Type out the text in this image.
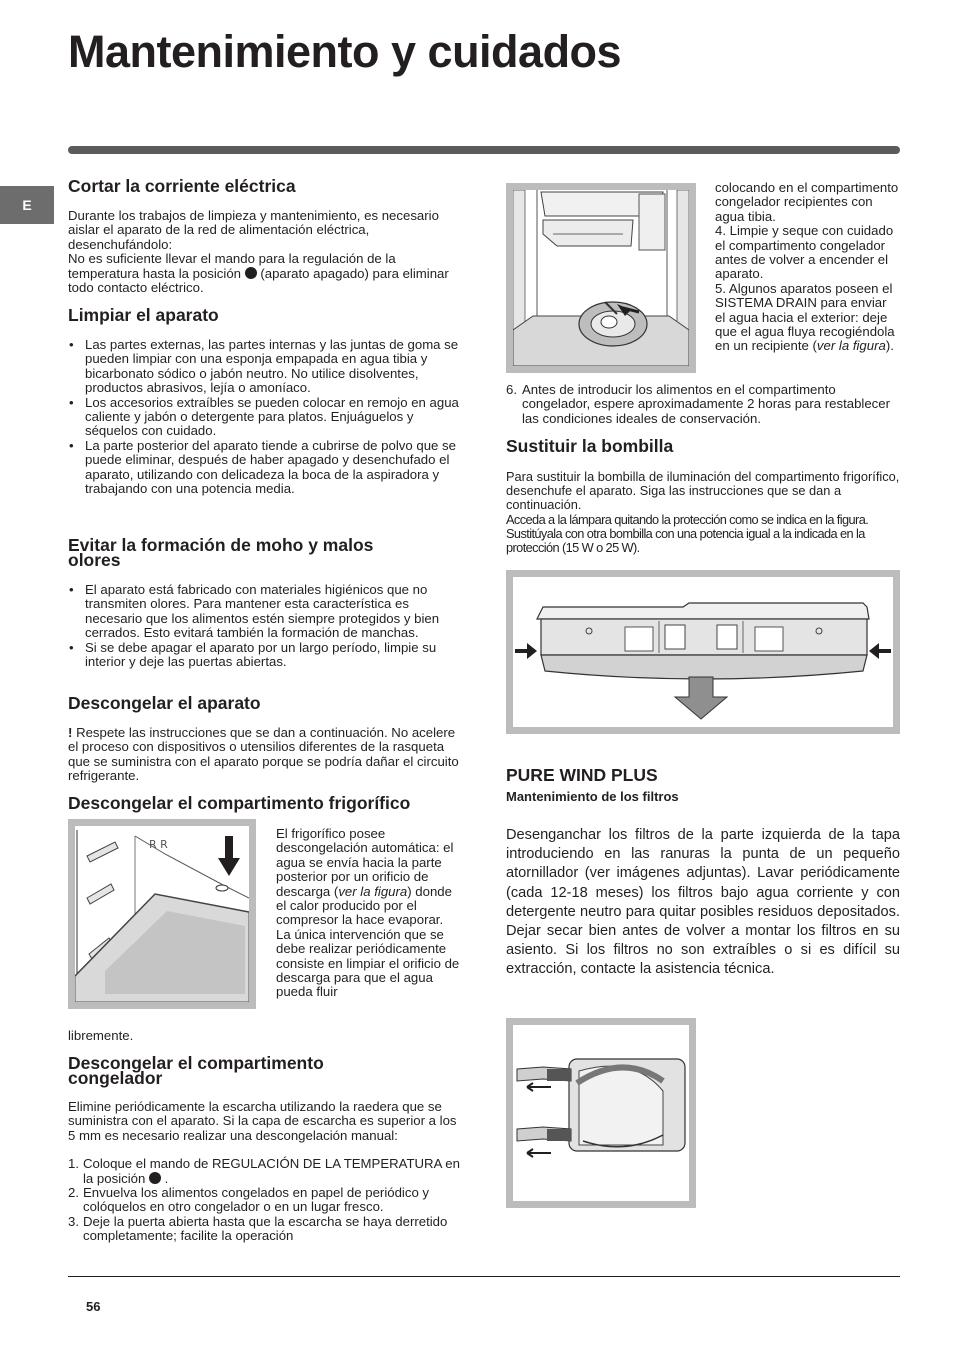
Mantenimiento y cuidados
E
Cortar la corriente eléctrica
Durante los trabajos de limpieza y mantenimiento, es necesario aislar el aparato de la red de alimentación eléctrica, desenchufándolo:
No es suficiente llevar el mando para la regulación de la temperatura hasta la posición (aparato apagado) para eliminar todo contacto eléctrico.
Limpiar el aparato
• Las partes externas, las partes internas y las juntas de goma se pueden limpiar con una esponja empapada en agua tibia y bicarbonato sódico o jabón neutro. No utilice disolventes, productos abrasivos, lejía o amoníaco.
• Los accesorios extraíbles se pueden colocar en remojo en agua caliente y jabón o detergente para platos. Enjuáguelos y séquelos con cuidado.
• La parte posterior del aparato tiende a cubrirse de polvo que se puede eliminar, después de haber apagado y desenchufado el aparato, utilizando con delicadeza la boca de la aspiradora y trabajando con una potencia media.
Evitar la formación de moho y malos olores
• El aparato está fabricado con materiales higiénicos que no transmiten olores. Para mantener esta característica es necesario que los alimentos estén siempre protegidos y bien cerrados. Esto evitará también la formación de manchas.
• Si se debe apagar el aparato por un largo período, limpie su interior y deje las puertas abiertas.
Descongelar el aparato
! Respete las instrucciones que se dan a continuación. No acelere el proceso con dispositivos o utensilios diferentes de la rasqueta que se suministra con el aparato porque se podría dañar el circuito refrigerante.
Descongelar el compartimento frigorífico
R R
El frigorífico posee descongelación automática: el agua se envía hacia la parte posterior por un orificio de descarga (ver la figura) donde el calor producido por el compresor la hace evaporar. La única intervención que se debe realizar periódicamente consiste en limpiar el orificio de descarga para que el agua pueda fluir
libremente.
Descongelar el compartimento congelador
Elimine periódicamente la escarcha utilizando la raedera que se suministra con el aparato. Si la capa de escarcha es superior a los 5 mm es necesario realizar una descongelación manual:
1. Coloque el mando de REGULACIÓN DE LA TEMPERATURA en la posición .
2. Envuelva los alimentos congelados en papel de periódico y colóquelos en otro congelador o en un lugar fresco.
3. Deje la puerta abierta hasta que la escarcha se haya derretido completamente; facilite la operación
colocando en el compartimento congelador recipientes con agua tibia.
4. Limpie y seque con cuidado el compartimento congelador antes de volver a encender el aparato.
5. Algunos aparatos poseen el SISTEMA DRAIN para enviar el agua hacia el exterior: deje que el agua fluya recogiéndola en un recipiente (ver la figura).
6. Antes de introducir los alimentos en el compartimento congelador, espere aproximadamente 2 horas para restablecer las condiciones ideales de conservación.
Sustituir la bombilla
Para sustituir la bombilla de iluminación del compartimento frigorífico, desenchufe el aparato. Siga las instrucciones que se dan a continuación.
Acceda a la lámpara quitando la protección como se indica en la figura. Sustitúyala con otra bombilla con una potencia igual a la indicada en la protección (15 W o 25 W).
PURE WIND PLUS
Mantenimiento de los filtros

Desenganchar los filtros de la parte izquierda de la tapa introduciendo en las ranuras la punta de un pequeño atornillador (ver imágenes adjuntas). Lavar periódicamente (cada 12-18 meses) los filtros bajo agua corriente y con detergente neutro para quitar posibles residuos depositados. Dejar secar bien antes de volver a montar los filtros en su asiento. Si los filtros no son extraíbles o si es difícil su extracción, contacte la asistencia técnica.

56
